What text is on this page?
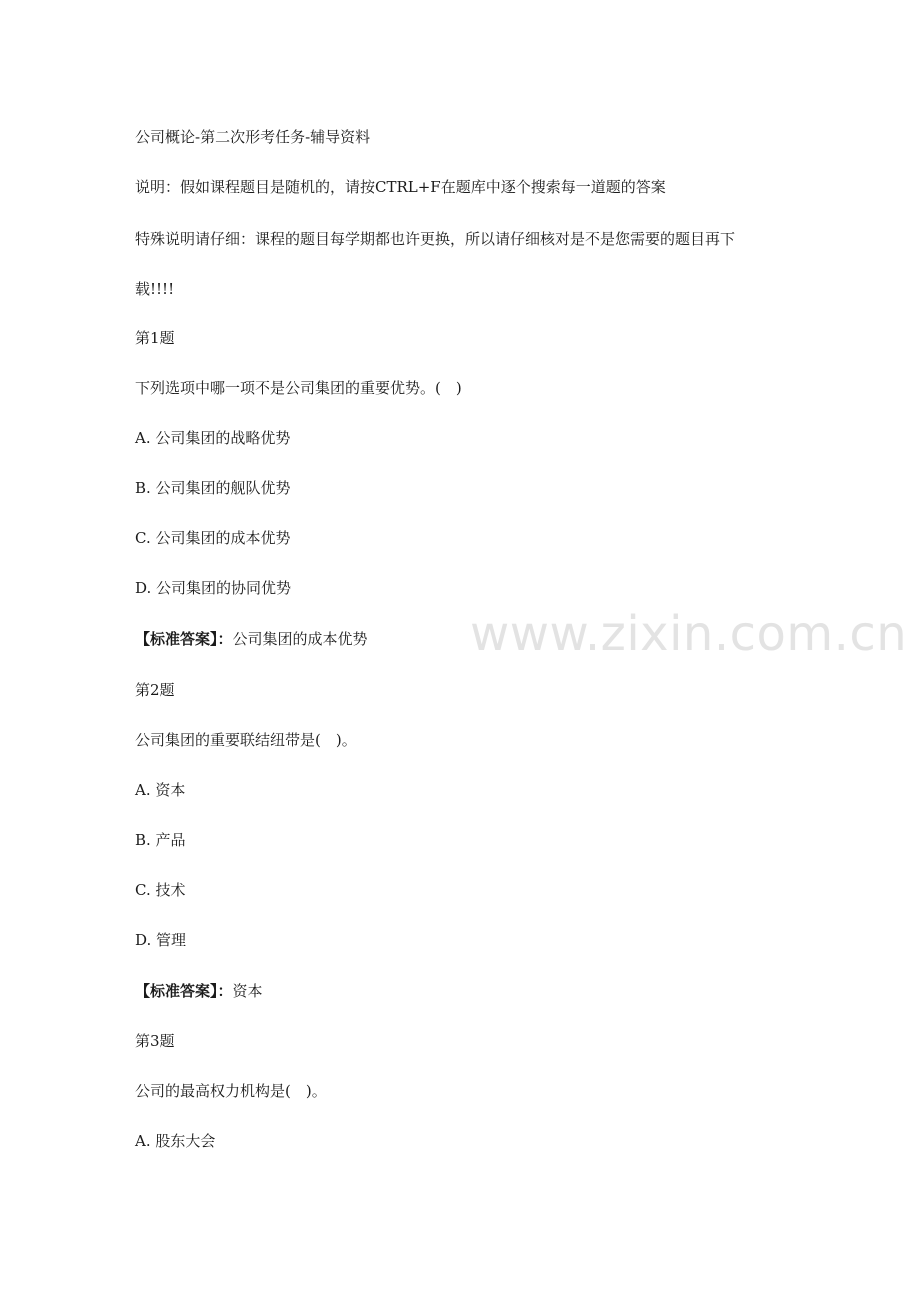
www.zixin.com.cn
公司概论-第二次形考任务-辅导资料
说明：假如课程题目是随机的，请按CTRL+F在题库中逐个搜索每一道题的答案
特殊说明请仔细：课程的题目每学期都也许更换，所以请仔细核对是不是您需要的题目再下
载!!!!
第1题
下列选项中哪一项不是公司集团的重要优势。(　)
A. 公司集团的战略优势
B. 公司集团的舰队优势
C. 公司集团的成本优势
D. 公司集团的协同优势
【标准答案】：公司集团的成本优势
第2题
公司集团的重要联结纽带是(　)。
A. 资本
B. 产品
C. 技术
D. 管理
【标准答案】：资本
第3题
公司的最高权力机构是(　)。
A. 股东大会
